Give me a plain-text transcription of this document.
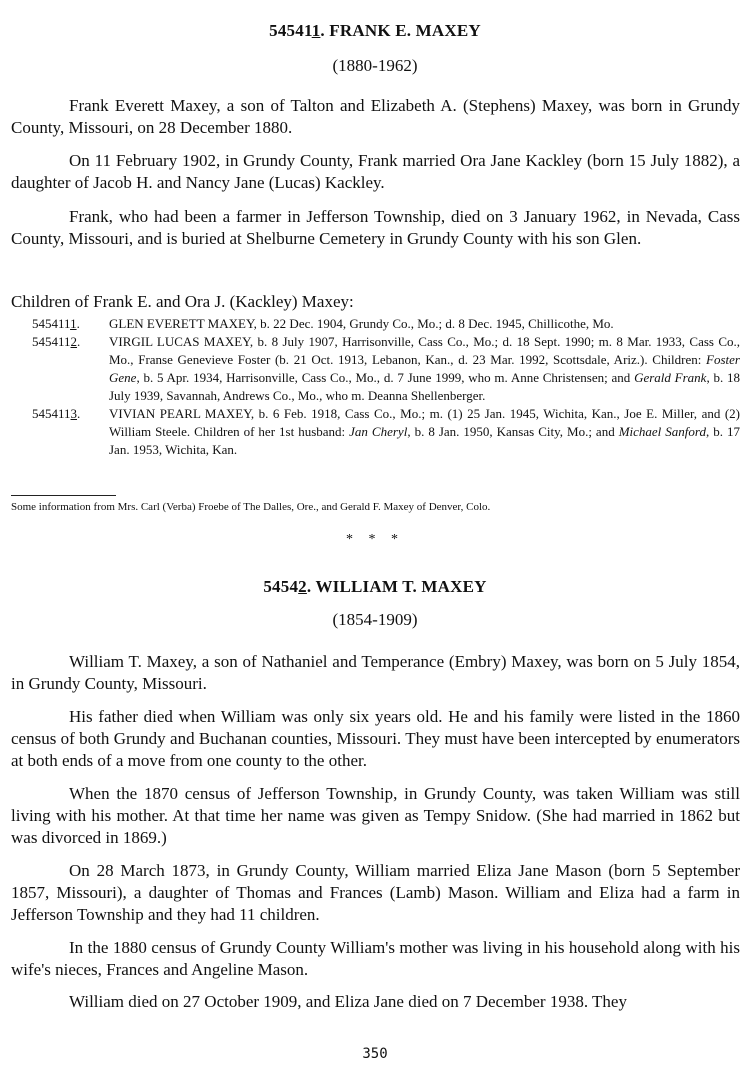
545411. FRANK E. MAXEY
(1880-1962)

Frank Everett Maxey, a son of Talton and Elizabeth A. (Stephens) Maxey, was born in Grundy County, Missouri, on 28 December 1880.

On 11 February 1902, in Grundy County, Frank married Ora Jane Kackley (born 15 July 1882), a daughter of Jacob H. and Nancy Jane (Lucas) Kackley.

Frank, who had been a farmer in Jefferson Township, died on 3 January 1962, in Nevada, Cass County, Missouri, and is buried at Shelburne Cemetery in Grundy County with his son Glen.

Children of Frank E. and Ora J. (Kackley) Maxey:

5454111. GLEN EVERETT MAXEY, b. 22 Dec. 1904, Grundy Co., Mo.; d. 8 Dec. 1945, Chillicothe, Mo.

5454112. VIRGIL LUCAS MAXEY, b. 8 July 1907, Harrisonville, Cass Co., Mo.; d. 18 Sept. 1990; m. 8 Mar. 1933, Cass Co., Mo., Franse Genevieve Foster (b. 21 Oct. 1913, Lebanon, Kan., d. 23 Mar. 1992, Scottsdale, Ariz.). Children: Foster Gene, b. 5 Apr. 1934, Harrisonville, Cass Co., Mo., d. 7 June 1999, who m. Anne Christensen; and Gerald Frank, b. 18 July 1939, Savannah, Andrews Co., Mo., who m. Deanna Shellenberger.

5454113. VIVIAN PEARL MAXEY, b. 6 Feb. 1918, Cass Co., Mo.; m. (1) 25 Jan. 1945, Wichita, Kan., Joe E. Miller, and (2) William Steele. Children of her 1st husband: Jan Cheryl, b. 8 Jan. 1950, Kansas City, Mo.; and Michael Sanford, b. 17 Jan. 1953, Wichita, Kan.

Some information from Mrs. Carl (Verba) Froebe of The Dalles, Ore., and Gerald F. Maxey of Denver, Colo.

* * *
54542. WILLIAM T. MAXEY
(1854-1909)

William T. Maxey, a son of Nathaniel and Temperance (Embry) Maxey, was born on 5 July 1854, in Grundy County, Missouri.

His father died when William was only six years old. He and his family were listed in the 1860 census of both Grundy and Buchanan counties, Missouri. They must have been intercepted by enumerators at both ends of a move from one county to the other.

When the 1870 census of Jefferson Township, in Grundy County, was taken William was still living with his mother. At that time her name was given as Tempy Snidow. (She had married in 1862 but was divorced in 1869.)

On 28 March 1873, in Grundy County, William married Eliza Jane Mason (born 5 September 1857, Missouri), a daughter of Thomas and Frances (Lamb) Mason. William and Eliza had a farm in Jefferson Township and they had 11 children.

In the 1880 census of Grundy County William's mother was living in his household along with his wife's nieces, Frances and Angeline Mason.

William died on 27 October 1909, and Eliza Jane died on 7 December 1938. They

350
